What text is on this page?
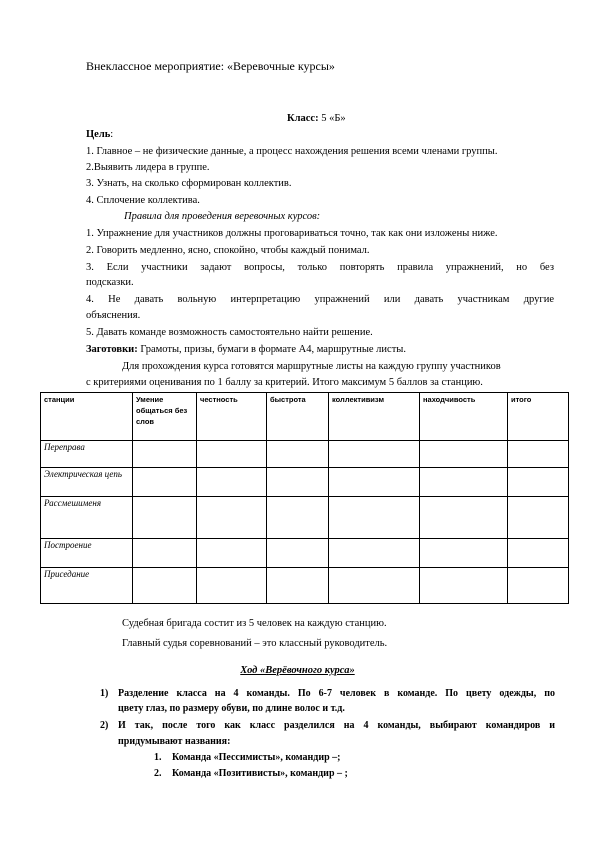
Внеклассное мероприятие: «Веревочные курсы»
Класс: 5 «Б»
Цель:
1. Главное – не физические данные, а процесс нахождения решения всеми членами группы.
2.Выявить лидера в группе.
3. Узнать, на сколько сформирован коллектив.
4. Сплочение коллектива.
Правила для проведения веревочных курсов:
1. Упражнение для участников должны проговариваться точно, так как они изложены ниже.
2. Говорить медленно, ясно, спокойно, чтобы каждый понимал.
3. Если участники задают вопросы, только повторять правила упражнений, но без
подсказки.
4. Не давать вольную интерпретацию упражнений или давать участникам другие
объяснения.
5. Давать команде возможность самостоятельно найти решение.
Заготовки: Грамоты, призы, бумаги в формате А4, маршрутные листы.
Для прохождения курса готовятся маршрутные листы на каждую группу участников
с критериями оценивания по 1 баллу за критерий. Итого максимум 5 баллов за станцию.
станции	Умение общаться без слов	честность	быстрота	коллективизм	находчивость	итого
Переправа						
Электрическая цепь						
Рассмешименя						
Построение						
Приседание						
Судебная бригада состит из 5 человек на каждую станцию.
Главный судья соревнований – это классный руководитель.
Ход «Верёвочного курса»
1) Разделение класса на 4 команды. По 6-7 человек в команде. По цвету одежды, по
цвету глаз, по размеру обуви, по длине волос и т.д.
2) И так, после того как класс разделился на 4 команды, выбирают командиров и
придумывают названия:
1. Команда «Пессимисты», командир –;
2. Команда «Позитивисты», командир – ;
